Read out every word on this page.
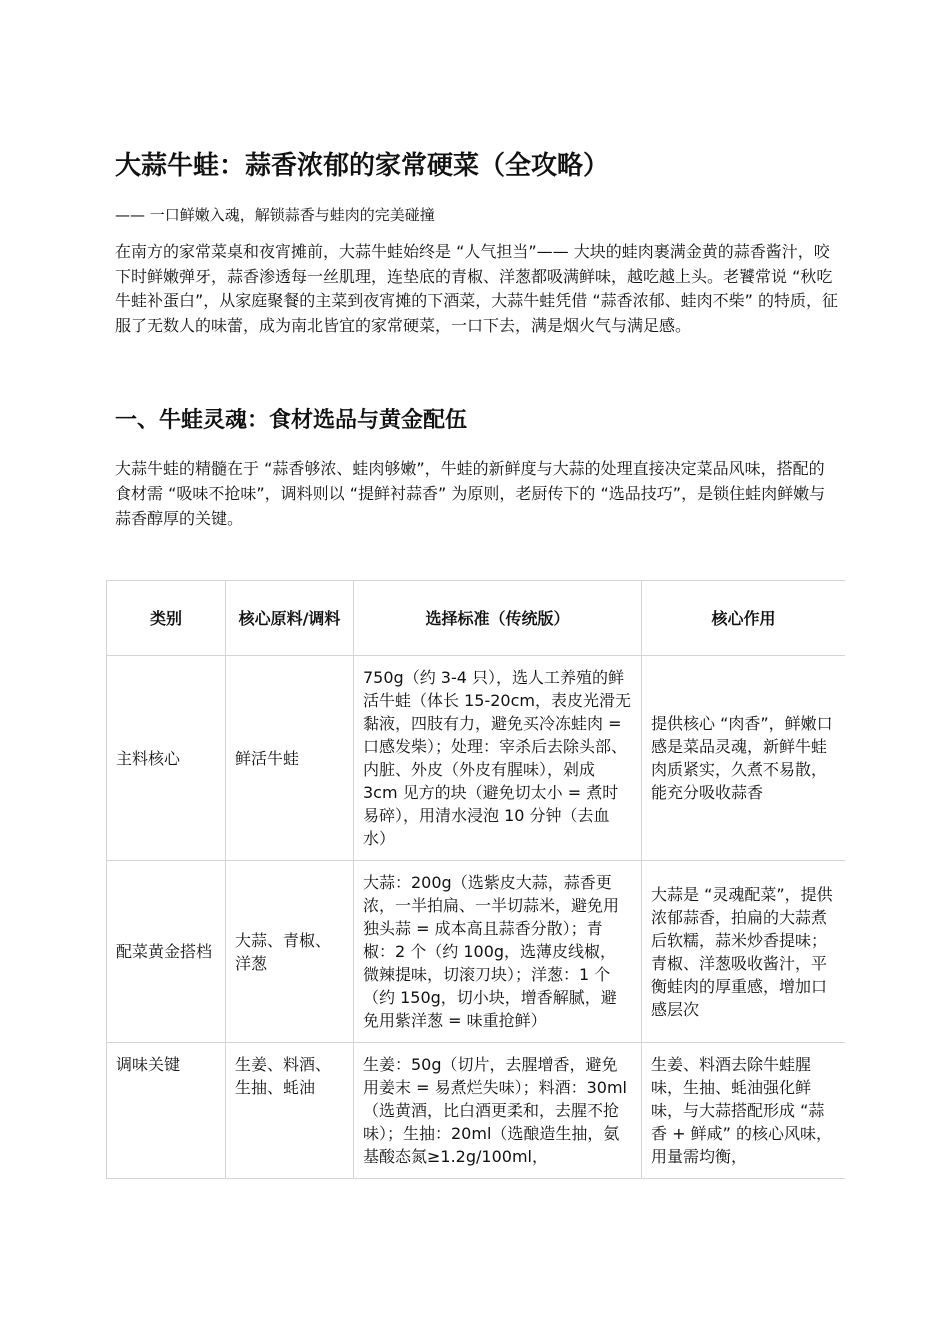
大蒜牛蛙：蒜香浓郁的家常硬菜（全攻略）

—— 一口鲜嫩入魂，解锁蒜香与蛙肉的完美碰撞

在南方的家常菜桌和夜宵摊前，大蒜牛蛙始终是 “人气担当”—— 大块的蛙肉裹满金黄的蒜香酱汁，咬下时鲜嫩弹牙，蒜香渗透每一丝肌理，连垫底的青椒、洋葱都吸满鲜味，越吃越上头。老饕常说 “秋吃牛蛙补蛋白”，从家庭聚餐的主菜到夜宵摊的下酒菜，大蒜牛蛙凭借 “蒜香浓郁、蛙肉不柴” 的特质，征服了无数人的味蕾，成为南北皆宜的家常硬菜，一口下去，满是烟火气与满足感。

一、牛蛙灵魂：食材选品与黄金配伍

大蒜牛蛙的精髓在于 “蒜香够浓、蛙肉够嫩”，牛蛙的新鲜度与大蒜的处理直接决定菜品风味，搭配的食材需 “吸味不抢味”，调料则以 “提鲜衬蒜香” 为原则，老厨传下的 “选品技巧”，是锁住蛙肉鲜嫩与蒜香醇厚的关键。

类别	核心原料/调料	选择标准（传统版）	核心作用
主料核心	鲜活牛蛙	750g（约 3-4 只），选人工养殖的鲜活牛蛙（体长 15-20cm，表皮光滑无黏液，四肢有力，避免买冷冻蛙肉 = 口感发柴）；处理：宰杀后去除头部、内脏、外皮（外皮有腥味），剁成 3cm 见方的块（避免切太小 = 煮时易碎），用清水浸泡 10 分钟（去血水）	提供核心 “肉香”，鲜嫩口感是菜品灵魂，新鲜牛蛙肉质紧实，久煮不易散，能充分吸收蒜香
配菜黄金搭档	大蒜、青椒、洋葱	大蒜：200g（选紫皮大蒜，蒜香更浓，一半拍扁、一半切蒜米，避免用独头蒜 = 成本高且蒜香分散）；青椒：2 个（约 100g，选薄皮线椒，微辣提味，切滚刀块）；洋葱：1 个（约 150g，切小块，增香解腻，避免用紫洋葱 = 味重抢鲜）	大蒜是 “灵魂配菜”，提供浓郁蒜香，拍扁的大蒜煮后软糯，蒜米炒香提味；青椒、洋葱吸收酱汁，平衡蛙肉的厚重感，增加口感层次
调味关键	生姜、料酒、生抽、蚝油	生姜：50g（切片，去腥增香，避免用姜末 = 易煮烂失味）；料酒：30ml（选黄酒，比白酒更柔和，去腥不抢味）；生抽：20ml（选酿造生抽，氨基酸态氮≥1.2g/100ml，	生姜、料酒去除牛蛙腥味，生抽、蚝油强化鲜味，与大蒜搭配形成 “蒜香 + 鲜咸” 的核心风味，用量需均衡，
